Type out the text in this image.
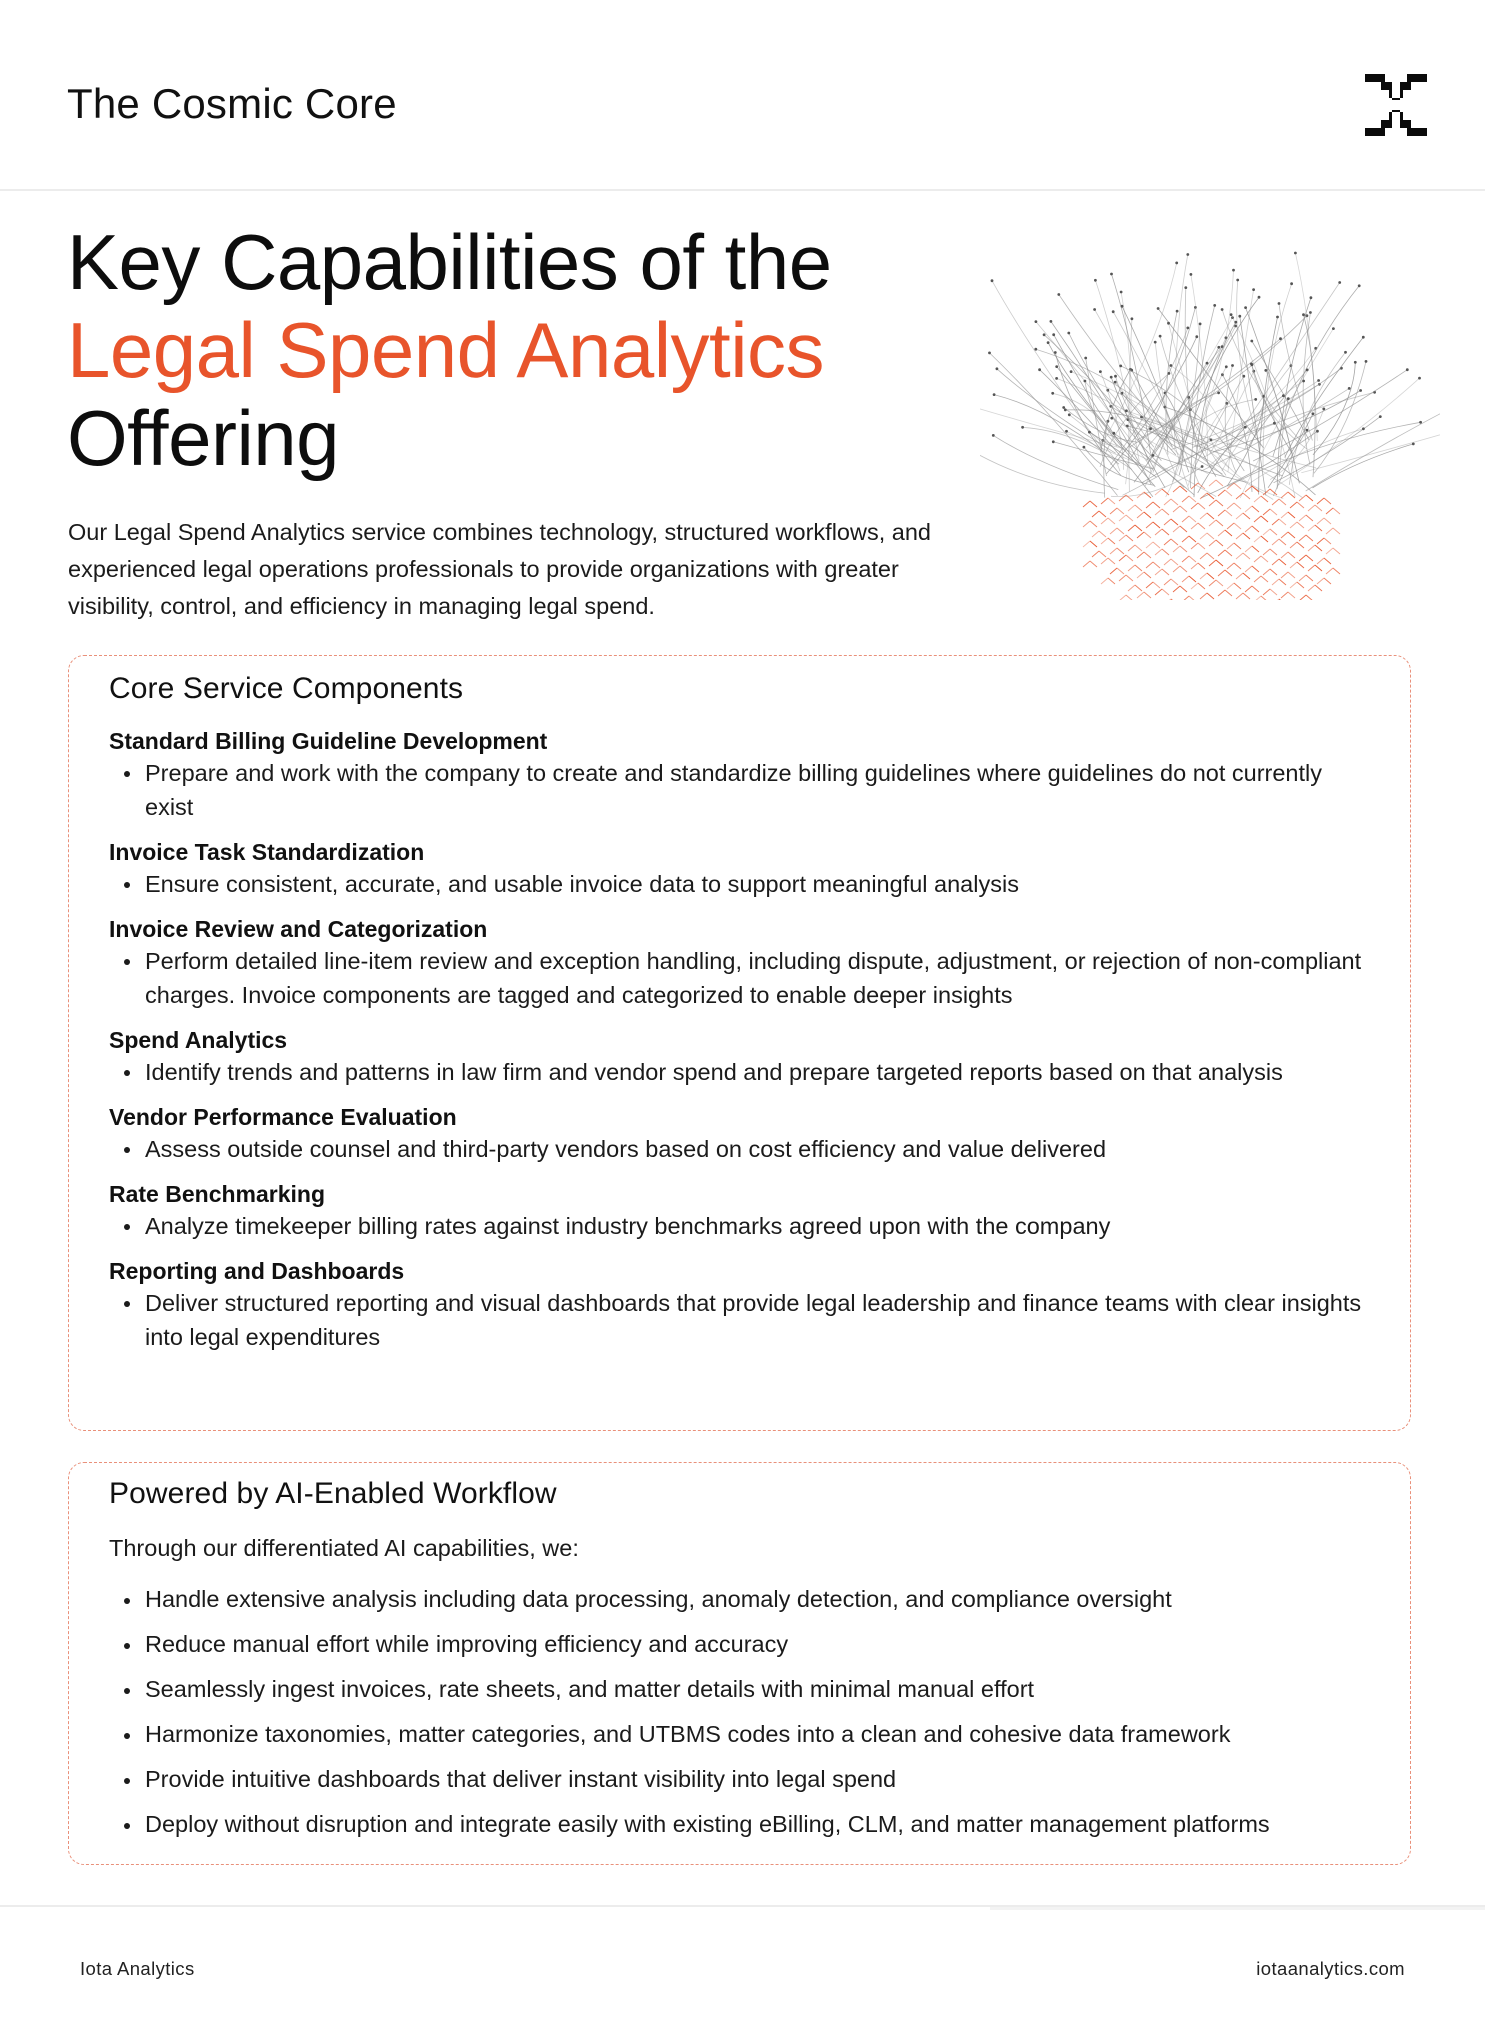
The Cosmic Core
Key Capabilities of the
Legal Spend Analytics
Offering

Our Legal Spend Analytics service combines technology, structured workflows, and experienced legal operations professionals to provide organizations with greater visibility, control, and efficiency in managing legal spend.

Core Service Components
Standard Billing Guideline Development
Prepare and work with the company to create and standardize billing guidelines where guidelines do not currently exist
Invoice Task Standardization
Ensure consistent, accurate, and usable invoice data to support meaningful analysis
Invoice Review and Categorization
Perform detailed line-item review and exception handling, including dispute, adjustment, or rejection of non-compliant charges. Invoice components are tagged and categorized to enable deeper insights
Spend Analytics
Identify trends and patterns in law firm and vendor spend and prepare targeted reports based on that analysis
Vendor Performance Evaluation
Assess outside counsel and third-party vendors based on cost efficiency and value delivered
Rate Benchmarking
Analyze timekeeper billing rates against industry benchmarks agreed upon with the company
Reporting and Dashboards
Deliver structured reporting and visual dashboards that provide legal leadership and finance teams with clear insights into legal expenditures
Powered by AI-Enabled Workflow
Through our differentiated AI capabilities, we:
Handle extensive analysis including data processing, anomaly detection, and compliance oversight
Reduce manual effort while improving efficiency and accuracy
Seamlessly ingest invoices, rate sheets, and matter details with minimal manual effort
Harmonize taxonomies, matter categories, and UTBMS codes into a clean and cohesive data framework
Provide intuitive dashboards that deliver instant visibility into legal spend
Deploy without disruption and integrate easily with existing eBilling, CLM, and matter management platforms
Iota Analytics	iotaanalytics.com
